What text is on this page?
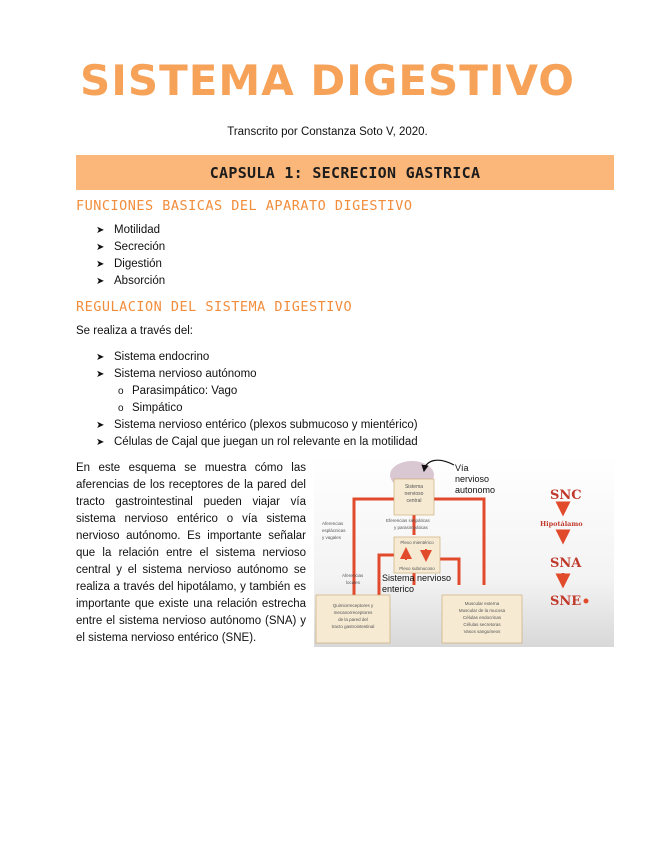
SISTEMA DIGESTIVO
Transcrito por Constanza Soto V, 2020.
CAPSULA 1: SECRECION GASTRICA
FUNCIONES BASICAS DEL APARATO DIGESTIVO
➤ Motilidad
➤ Secreción
➤ Digestión
➤ Absorción
REGULACION DEL SISTEMA DIGESTIVO
Se realiza a través del:
➤ Sistema endocrino
➤ Sistema nervioso autónomo
o Parasimpático: Vago
o Simpático
➤ Sistema nervioso entérico (plexos submucoso y mientérico)
➤ Células de Cajal que juegan un rol relevante en la motilidad
En este esquema se muestra cómo las aferencias de los receptores de la pared del tracto gastrointestinal pueden viajar vía sistema nervioso entérico o vía sistema nervioso autónomo. Es importante señalar que la relación entre el sistema nervioso central y el sistema nervioso autónomo se realiza a través del hipotálamo, y también es importante que existe una relación estrecha entre el sistema nervioso autónomo (SNA) y el sistema nervioso entérico (SNE).
Sistema
nervioso
central
Vía
nervioso
autonomo
Aferencias
esplácnicas
y vagales
Eferencias simpáticas
y parasimpáticas
Plexo mientérico
Plexo submucoso
Aferencias
locales Sistema nervioso
enterico
Quimiorreceptores y
mecanorreceptores
de la pared del
tracto gastrointestinal
Muscular externa
Muscular de la mucosa
Células endocrinas
Células secretoras
Vasos sanguíneos
SNC
Hipotálamo
SNA
SNE
